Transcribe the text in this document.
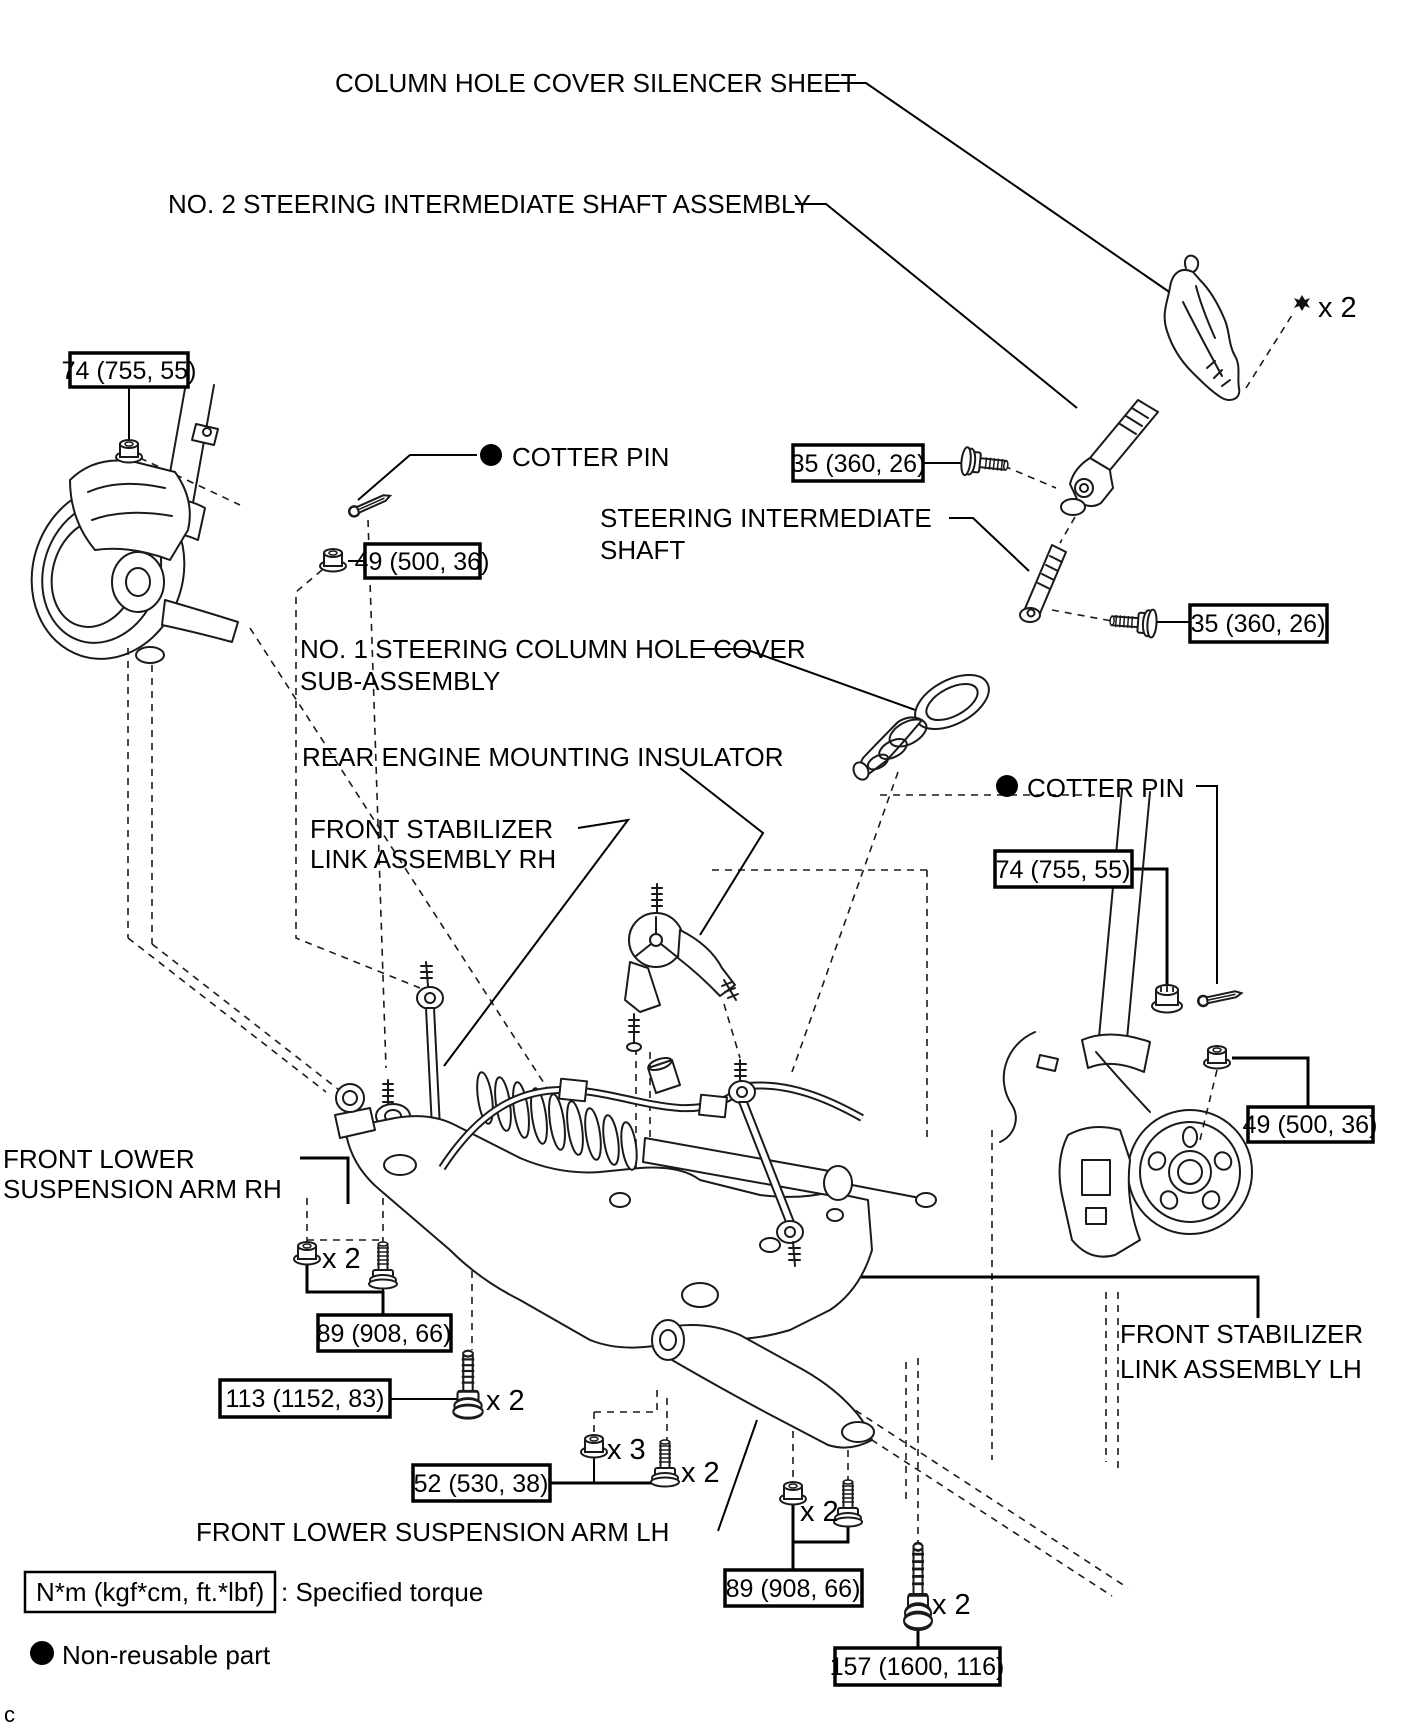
COLUMN HOLE COVER SILENCER SHEET
NO. 2 STEERING INTERMEDIATE SHAFT ASSEMBLY
COTTER PIN
STEERING INTERMEDIATE
SHAFT
NO. 1 STEERING COLUMN HOLE COVER
SUB-ASSEMBLY
REAR ENGINE MOUNTING INSULATOR
FRONT STABILIZER
LINK ASSEMBLY RH
COTTER PIN
FRONT LOWER
SUSPENSION ARM RH
FRONT STABILIZER
LINK ASSEMBLY LH
FRONT LOWER SUSPENSION ARM LH
x 2
x 2
x 2
x 3
x 2
x 2
x 2
74 (755, 55)
49 (500, 36)
35 (360, 26)
35 (360, 26)
74 (755, 55)
49 (500, 36)
89 (908, 66)
113 (1152, 83)
52 (530, 38)
89 (908, 66)
157 (1600, 116)
N*m (kgf*cm, ft.*lbf) : Specified torque
Non-reusable part
c
